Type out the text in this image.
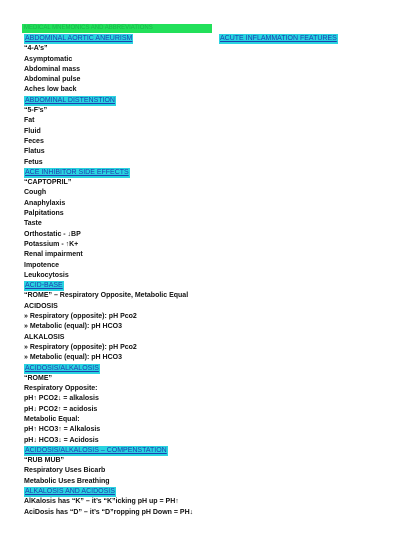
MEDICAL MNEMONICS AND ABBREVIATIONS
ABDOMINAL AORTIC ANEURISM
“4-A’s”
Asymptomatic
Abdominal mass
Abdominal pulse
Aches low back
ABDOMINAL DISTENSTION
“5-F’s”
Fat
Fluid
Feces
Flatus
Fetus
ACE INHIBITOR SIDE EFFECTS
“CAPTOPRIL”
Cough
Anaphylaxis
Palpitations
Taste
Orthostatic - ↓BP
Potassium - ↑K+
Renal impairment
Impotence
Leukocytosis
ACID-BASE
“ROME” – Respiratory Opposite, Metabolic Equal
ACIDOSIS
» Respiratory (opposite): pH Pco2
» Metabolic (equal): pH HCO3
ALKALOSIS
» Respiratory (opposite): pH Pco2
» Metabolic (equal): pH HCO3
ACIDOSIS/ALKALOSIS
“ROME”
Respiratory Opposite:
pH↑ PCO2↓ = alkalosis
pH↓ PCO2↑ = acidosis
Metabolic Equal:
pH↑ HCO3↑ = Alkalosis
pH↓ HCO3↓ = Acidosis
ACIDOSIS/ALKALOSIS – COMPENSTATION
“RUB MUB”
Respiratory Uses Bicarb
Metabolic Uses Breathing
ALKALOSIS AND ACIDOSIS
AlKalosis has “K” – it’s “K”icking pH up = PH↑
AciDosis has “D” – it’s “D”ropping pH Down = PH↓
ACUTE INFLAMMATION FEATURES
